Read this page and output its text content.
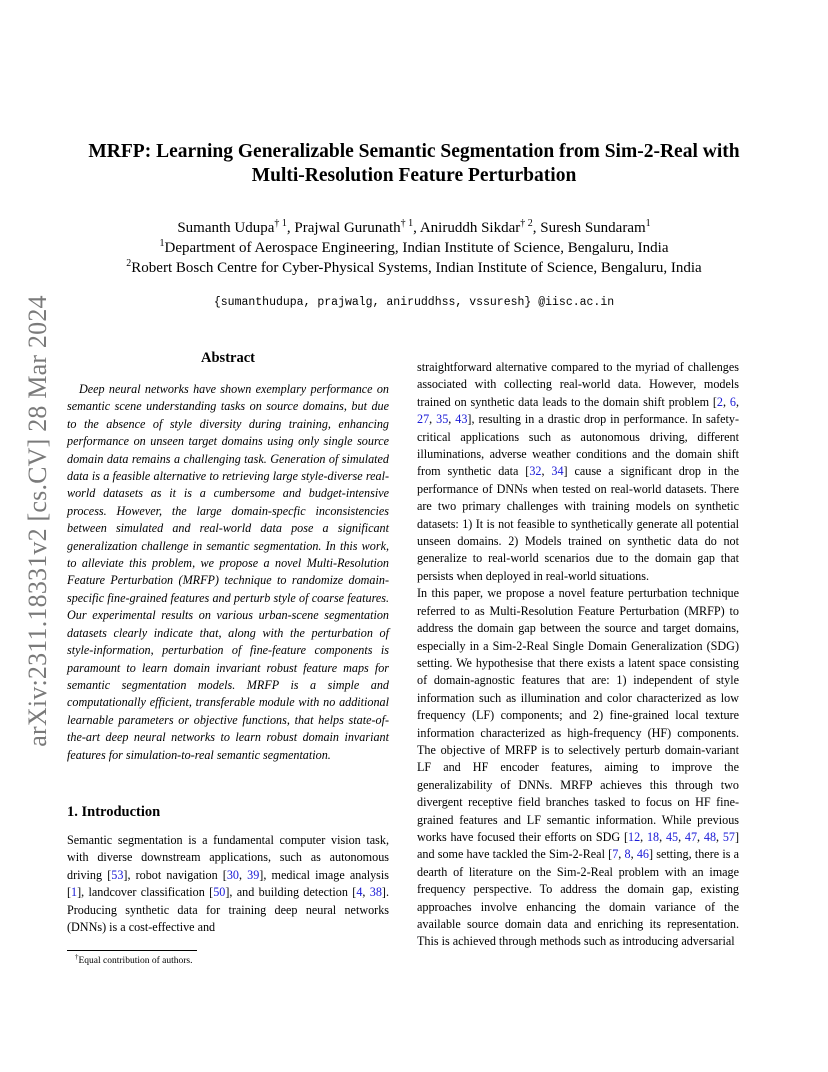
arXiv:2311.18331v2 [cs.CV] 28 Mar 2024
MRFP: Learning Generalizable Semantic Segmentation from Sim-2-Real with
Multi-Resolution Feature Perturbation
Sumanth Udupa$^{\dagger 1}$, Prajwal Gurunath$^{\dagger 1}$, Aniruddh Sikdar$^{\dagger 2}$, Suresh Sundaram$^1$
$^1$Department of Aerospace Engineering, Indian Institute of Science, Bengaluru, India
$^2$Robert Bosch Centre for Cyber-Physical Systems, Indian Institute of Science, Bengaluru, India
{sumanthudupa, prajwalg, aniruddhss, vssuresh} @iisc.ac.in
Abstract

Deep neural networks have shown exemplary performance on semantic scene understanding tasks on source domains, but due to the absence of style diversity during training, enhancing performance on unseen target domains using only single source domain data remains a challenging task. Generation of simulated data is a feasible alternative to retrieving large style-diverse real-world datasets as it is a cumbersome and budget-intensive process. However, the large domain-specfic inconsistencies between simulated and real-world data pose a significant generalization challenge in semantic segmentation. In this work, to alleviate this problem, we propose a novel Multi-Resolution Feature Perturbation (MRFP) technique to randomize domain-specific fine-grained features and perturb style of coarse features. Our experimental results on various urban-scene segmentation datasets clearly indicate that, along with the perturbation of style-information, perturbation of fine-feature components is paramount to learn domain invariant robust feature maps for semantic segmentation models. MRFP is a simple and computationally efficient, transferable module with no additional learnable parameters or objective functions, that helps state-of-the-art deep neural networks to learn robust domain invariant features for simulation-to-real semantic segmentation.

1. Introduction

Semantic segmentation is a fundamental computer vision task, with diverse downstream applications, such as autonomous driving [53], robot navigation [30, 39], medical image analysis [1], landcover classification [50], and building detection [4, 38]. Producing synthetic data for training deep neural networks (DNNs) is a cost-effective and

straightforward alternative compared to the myriad of challenges associated with collecting real-world data. However, models trained on synthetic data leads to the domain shift problem [2, 6, 27, 35, 43], resulting in a drastic drop in performance. In safety-critical applications such as autonomous driving, different illuminations, adverse weather conditions and the domain shift from synthetic data [32, 34] cause a significant drop in the performance of DNNs when tested on real-world datasets. There are two primary challenges with training models on synthetic datasets: 1) It is not feasible to synthetically generate all potential unseen domains. 2) Models trained on synthetic data do not generalize to real-world scenarios due to the domain gap that persists when deployed in real-world situations.

In this paper, we propose a novel feature perturbation technique referred to as Multi-Resolution Feature Perturbation (MRFP) to address the domain gap between the source and target domains, especially in a Sim-2-Real Single Domain Generalization (SDG) setting. We hypothesise that there exists a latent space consisting of domain-agnostic features that are: 1) independent of style information such as illumination and color characterized as low frequency (LF) components; and 2) fine-grained local texture information characterized as high-frequency (HF) components. The objective of MRFP is to selectively perturb domain-variant LF and HF encoder features, aiming to improve the generalizability of DNNs. MRFP achieves this through two divergent receptive field branches tasked to focus on HF fine-grained features and LF semantic information. While previous works have focused their efforts on SDG [12, 18, 45, 47, 48, 57] and some have tackled the Sim-2-Real [7, 8, 46] setting, there is a dearth of literature on the Sim-2-Real problem with an image frequency perspective. To address the domain gap, existing approaches involve enhancing the domain variance of the available source domain data and enriching its representation. This is achieved through methods such as introducing adversarial

†Equal contribution of authors.
